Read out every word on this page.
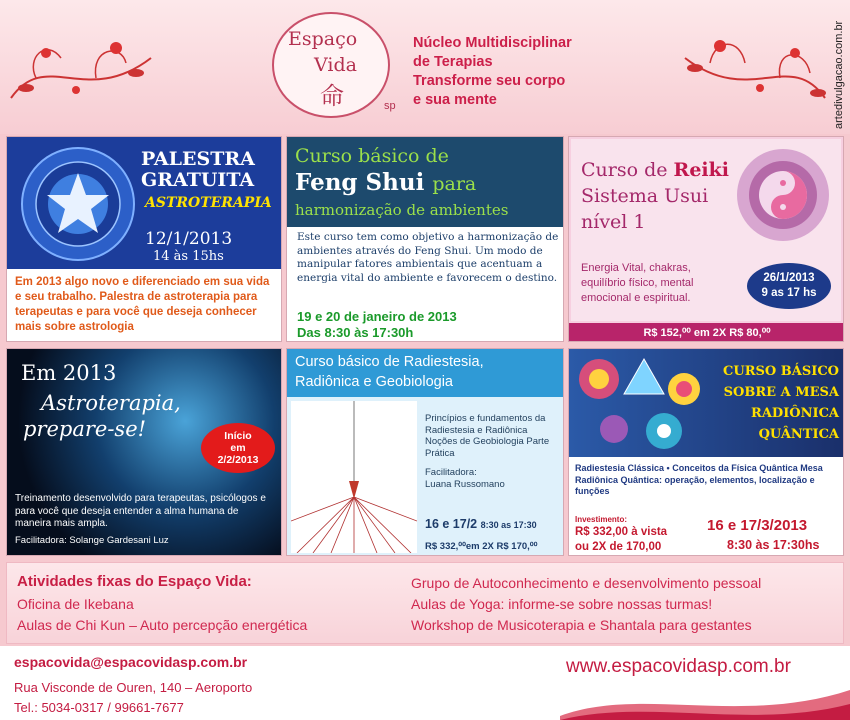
Espaço
Vida
命	sp
Núcleo Multidisciplinar
de Terapias
Transforme seu corpo
e sua mente	artedivulgacao.com.br
PALESTRA
GRATUITA
ASTROTERAPIA
12/1/2013
14 às 15hs
Em 2013 algo novo e diferenciado em sua vida e seu trabalho. Palestra de astroterapia para terapeutas e para você que deseja conhecer mais sobre astrologia
Curso básico de
Feng Shui para
harmonização de ambientes
Este curso tem como objetivo a harmonização de ambientes através do Feng Shui. Um modo de manipular fatores ambientais que acentuam a energia vital do ambiente e favorecem o destino.
19 e 20 de janeiro de 2013
Das 8:30 às 17:30h
Curso de Reiki
Sistema Usui
nível 1
Energia Vital, chakras, equilíbrio físico, mental emocional e espiritual.
26/1/2013
9 as 17 hs
R$ 152,⁰⁰ em 2X R$ 80,⁰⁰
Em 2013
Astroterapia,
prepare-se!	Início
em
2/2/2013
Treinamento desenvolvido para terapeutas, psicólogos e para você que deseja entender a alma humana de maneira mais ampla.
Facilitadora: Solange Gardesani Luz
Curso básico de Radiestesia,
Radiônica e Geobiologia
Princípios e fundamentos da Radiestesia e Radiônica Noções de Geobiologia Parte Prática
Facilitadora:
Luana Russomano
16 e 17/2 8:30 as 17:30
R$ 332,⁰⁰em 2X R$ 170,⁰⁰
CURSO BÁSICO
SOBRE A MESA
RADIÔNICA
QUÂNTICA
Radiestesia Clássica • Conceitos da Física Quântica Mesa Radiônica Quântica: operação, elementos, localização e funções
Investimento:
R$ 332,00 à vista
ou 2X de 170,00
16 e 17/3/2013
8:30 às 17:30hs
Atividades fixas do Espaço Vida:
Oficina de Ikebana
Aulas de Chi Kun – Auto percepção energética
Grupo de Autoconhecimento e desenvolvimento pessoal
Aulas de Yoga: informe-se sobre nossas turmas!
Workshop de Musicoterapia e Shantala para gestantes
espacovida@espacovidasp.com.br
Rua Visconde de Ouren, 140 – Aeroporto
Tel.: 5034-0317 / 99661-7677
www.espacovidasp.com.br
